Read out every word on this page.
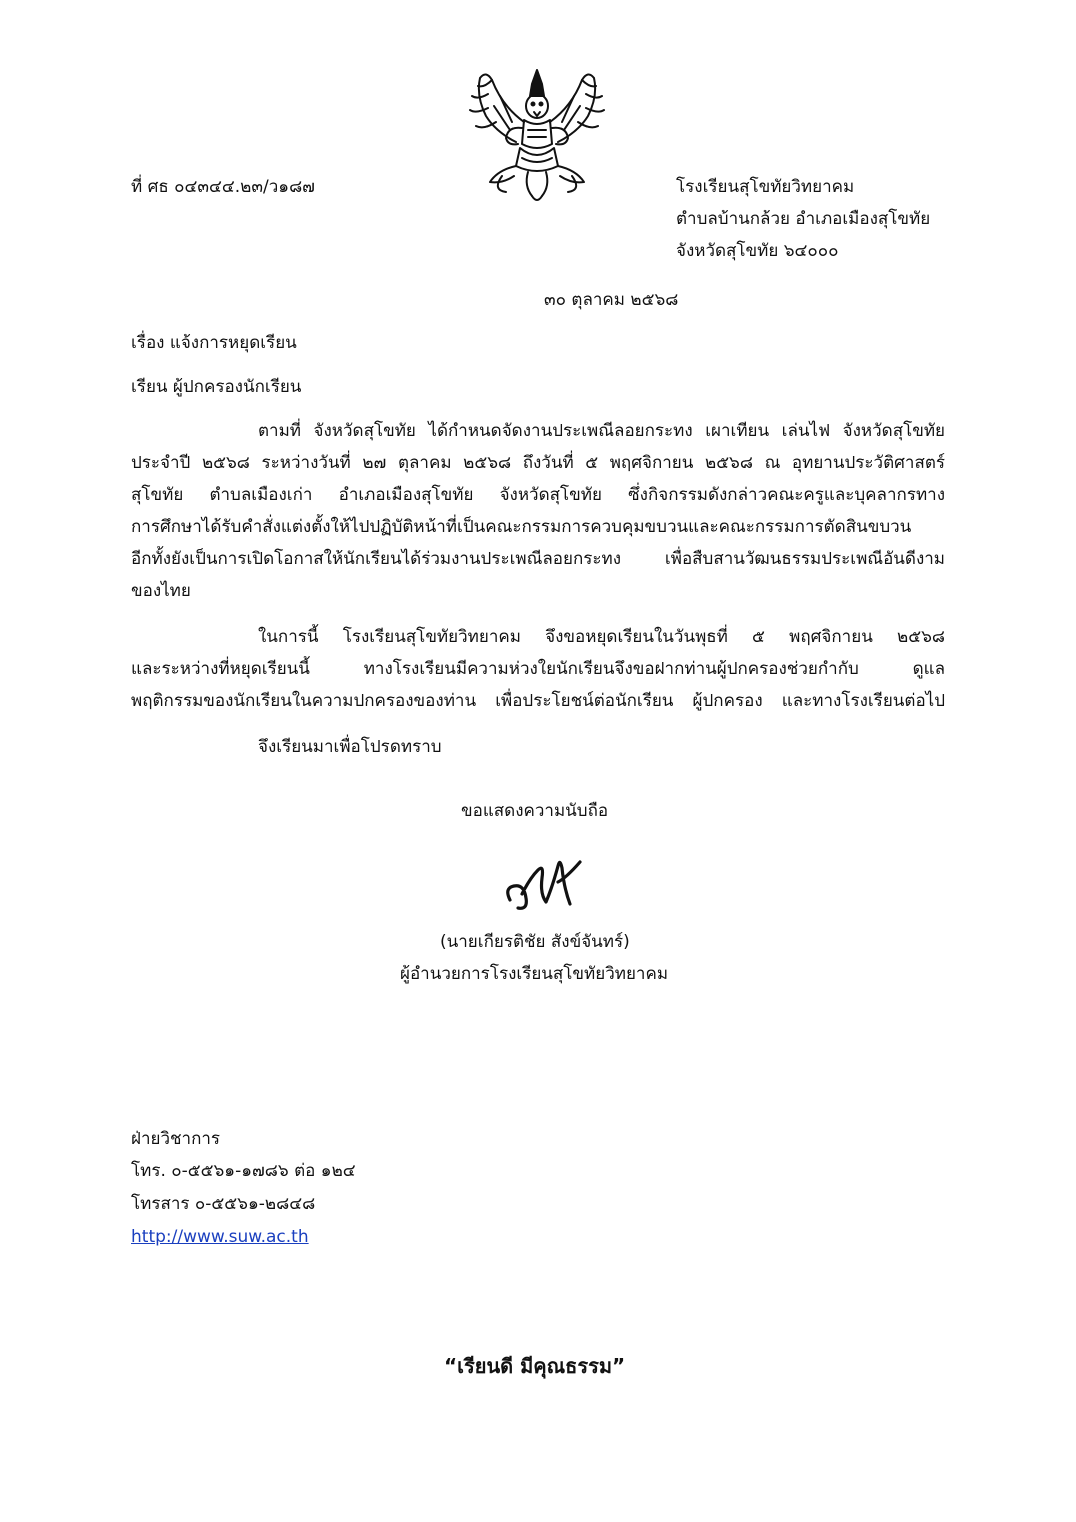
ที่ ศธ ๐๔๓๔๔.๒๓/ว๑๘๗	โรงเรียนสุโขทัยวิทยาคม
ตำบลบ้านกล้วย อำเภอเมืองสุโขทัย
จังหวัดสุโขทัย ๖๔๐๐๐
๓๐ ตุลาคม ๒๕๖๘
เรื่อง แจ้งการหยุดเรียน
เรียน ผู้ปกครองนักเรียน
ตามที่ จังหวัดสุโขทัย ได้กำหนดจัดงานประเพณีลอยกระทง เผาเทียน เล่นไฟ จังหวัดสุโขทัย
ประจำปี ๒๕๖๘ ระหว่างวันที่ ๒๗ ตุลาคม ๒๕๖๘ ถึงวันที่ ๕ พฤศจิกายน ๒๕๖๘ ณ อุทยานประวัติศาสตร์
สุโขทัย ตำบลเมืองเก่า อำเภอเมืองสุโขทัย จังหวัดสุโขทัย ซึ่งกิจกรรมดังกล่าวคณะครูและบุคลากรทาง
การศึกษาได้รับคำสั่งแต่งตั้งให้ไปปฏิบัติหน้าที่เป็นคณะกรรมการควบคุมขบวนและคณะกรรมการตัดสินขบวน
อีกทั้งยังเป็นการเปิดโอกาสให้นักเรียนได้ร่วมงานประเพณีลอยกระทง เพื่อสืบสานวัฒนธรรมประเพณีอันดีงาม
ของไทย
ในการนี้ โรงเรียนสุโขทัยวิทยาคม จึงขอหยุดเรียนในวันพุธที่ ๕ พฤศจิกายน ๒๕๖๘
และระหว่างที่หยุดเรียนนี้ ทางโรงเรียนมีความห่วงใยนักเรียนจึงขอฝากท่านผู้ปกครองช่วยกำกับ ดูแล
พฤติกรรมของนักเรียนในความปกครองของท่าน เพื่อประโยชน์ต่อนักเรียน ผู้ปกครอง และทางโรงเรียนต่อไป
จึงเรียนมาเพื่อโปรดทราบ
ขอแสดงความนับถือ
(นายเกียรติชัย สังข์จันทร์)
ผู้อำนวยการโรงเรียนสุโขทัยวิทยาคม
ฝ่ายวิชาการ
โทร. ๐-๕๕๖๑-๑๗๘๖ ต่อ ๑๒๔
โทรสาร ๐-๕๕๖๑-๒๘๔๘
http://www.suw.ac.th
“เรียนดี มีคุณธรรม”
